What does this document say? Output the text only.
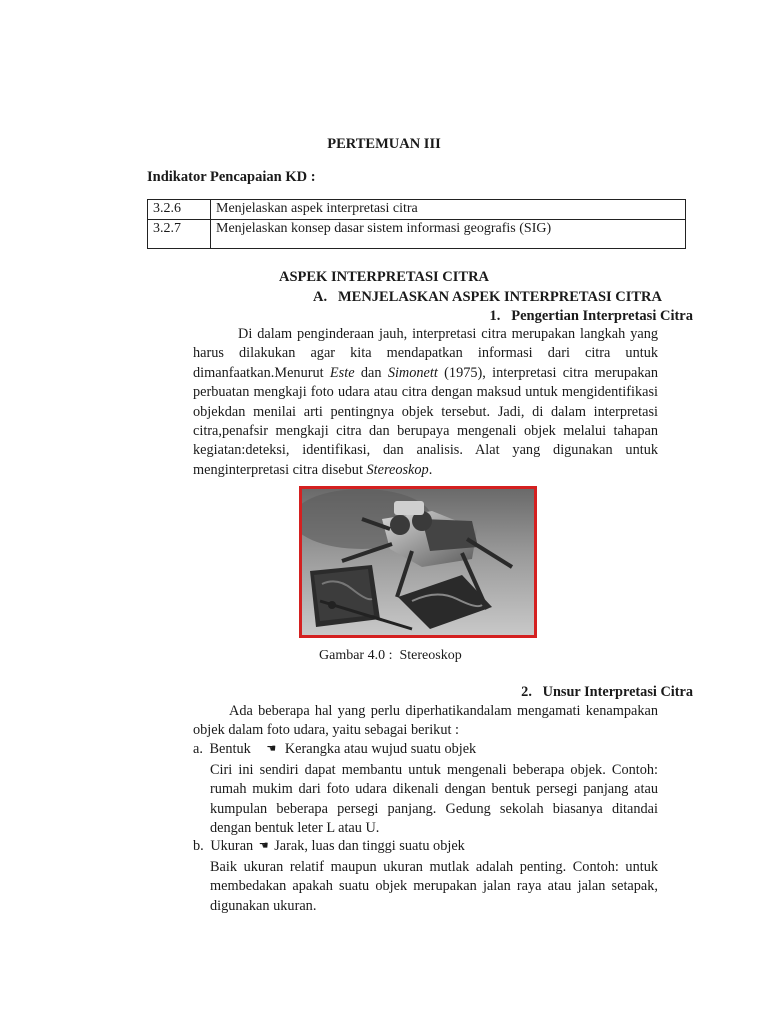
PERTEMUAN III
Indikator Pencapaian KD :
3.2.6	Menjelaskan aspek interpretasi citra
3.2.7	Menjelaskan konsep dasar sistem informasi geografis (SIG)
ASPEK INTERPRETASI CITRA
A.   MENJELASKAN ASPEK INTERPRETASI CITRA
1.   Pengertian Interpretasi Citra

Di dalam penginderaan jauh, interpretasi citra merupakan langkah yang harus dilakukan agar kita mendapatkan informasi dari citra untuk dimanfaatkan.Menurut Este dan Simonett (1975), interpretasi citra merupakan perbuatan mengkaji foto udara atau citra dengan maksud untuk mengidentifikasi objekdan menilai arti pentingnya objek tersebut. Jadi, di dalam interpretasi citra,penafsir mengkaji citra dan berupaya mengenali objek melalui tahapan kegiatan:deteksi, identifikasi, dan analisis. Alat yang digunakan untuk menginterpretasi citra disebut Stereoskop.

Gambar 4.0 :  Stereoskop
2.   Unsur Interpretasi Citra

Ada beberapa hal yang perlu diperhatikandalam mengamati kenampakan objek dalam foto udara, yaitu sebagai berikut :

a. Bentuk ☚ Kerangka atau wujud suatu objek

Ciri ini sendiri dapat membantu untuk mengenali beberapa objek. Contoh: rumah mukim dari foto udara dikenali dengan bentuk persegi panjang atau kumpulan beberapa persegi panjang. Gedung sekolah biasanya ditandai dengan bentuk leter L atau U.

b. Ukuran ☚ Jarak, luas dan tinggi suatu objek

Baik ukuran relatif maupun ukuran mutlak adalah penting. Contoh: untuk membedakan apakah suatu objek merupakan jalan raya atau jalan setapak, digunakan ukuran.
